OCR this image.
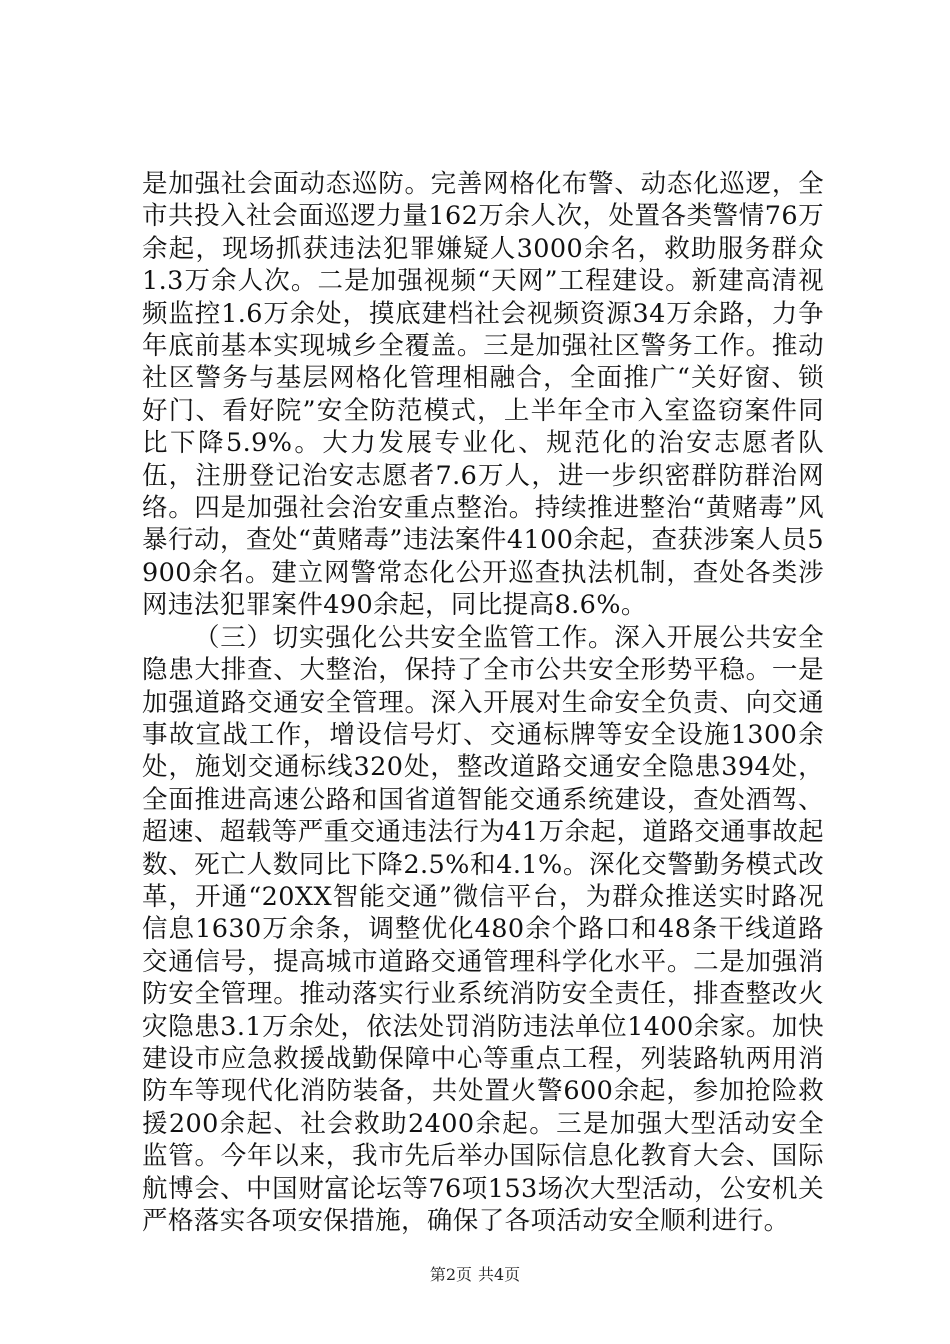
是加强社会面动态巡防。完善网格化布警、动态化巡逻，全市共投入社会面巡逻力量162万余人次，处置各类警情76万余起，现场抓获违法犯罪嫌疑人3000余名，救助服务群众1.3万余人次。二是加强视频“天网”工程建设。新建高清视频监控1.6万余处，摸底建档社会视频资源34万余路，力争年底前基本实现城乡全覆盖。三是加强社区警务工作。推动社区警务与基层网格化管理相融合，全面推广“关好窗、锁好门、看好院”安全防范模式，上半年全市入室盗窃案件同比下降5.9%。大力发展专业化、规范化的治安志愿者队伍，注册登记治安志愿者7.6万人，进一步织密群防群治网络。四是加强社会治安重点整治。持续推进整治“黄赌毒”风暴行动，查处“黄赌毒”违法案件4100余起，查获涉案人员5900余名。建立网警常态化公开巡查执法机制，查处各类涉网违法犯罪案件490余起，同比提高8.6%。

（三）切实强化公共安全监管工作。深入开展公共安全隐患大排查、大整治，保持了全市公共安全形势平稳。一是加强道路交通安全管理。深入开展对生命安全负责、向交通事故宣战工作，增设信号灯、交通标牌等安全设施1300余处，施划交通标线320处，整改道路交通安全隐患394处，全面推进高速公路和国省道智能交通系统建设，查处酒驾、超速、超载等严重交通违法行为41万余起，道路交通事故起数、死亡人数同比下降2.5%和4.1%。深化交警勤务模式改革，开通“20XX智能交通”微信平台，为群众推送实时路况信息1630万余条，调整优化480余个路口和48条干线道路交通信号，提高城市道路交通管理科学化水平。二是加强消防安全管理。推动落实行业系统消防安全责任，排查整改火灾隐患3.1万余处，依法处罚消防违法单位1400余家。加快建设市应急救援战勤保障中心等重点工程，列装路轨两用消防车等现代化消防装备，共处置火警600余起，参加抢险救援200余起、社会救助2400余起。三是加强大型活动安全监管。今年以来，我市先后举办国际信息化教育大会、国际航博会、中国财富论坛等76项153场次大型活动，公安机关严格落实各项安保措施，确保了各项活动安全顺利进行。

第2页 共4页
